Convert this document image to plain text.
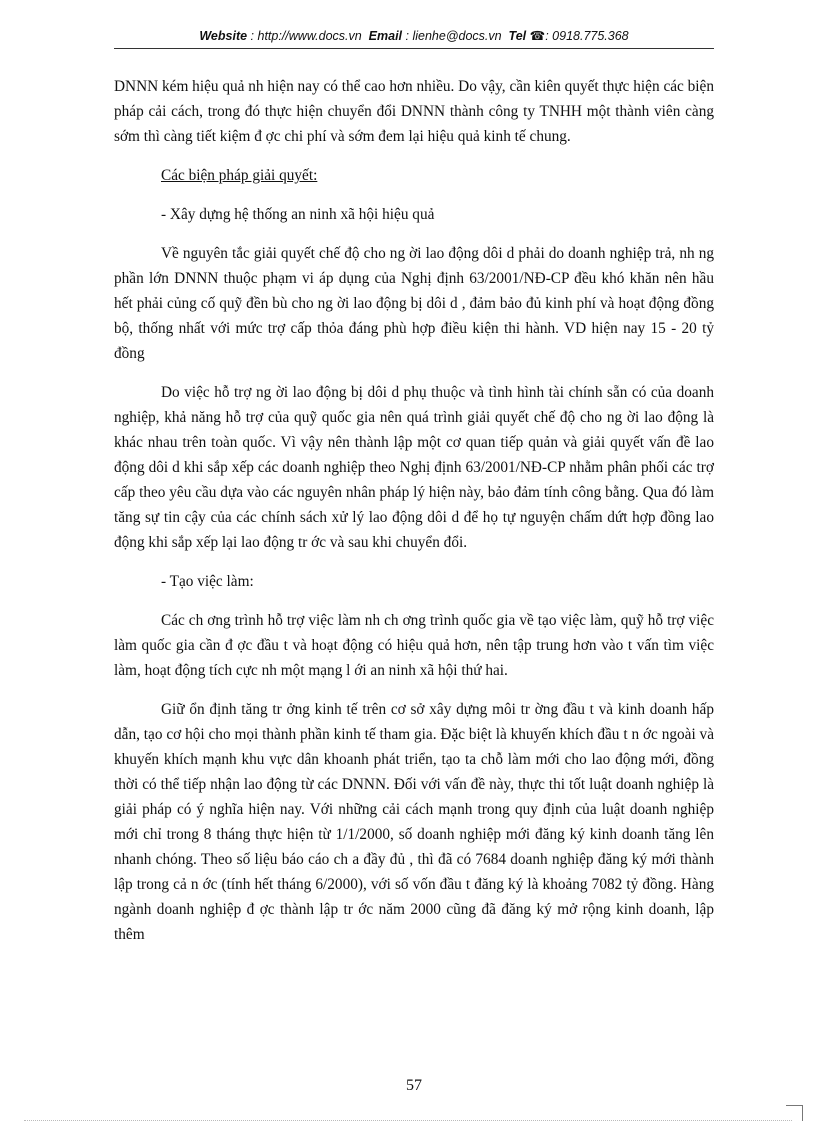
Website : http://www.docs.vn Email : lienhe@docs.vn Tel ☎: 0918.775.368

DNNN kém hiệu quả nh hiện nay có thể cao hơn nhiều. Do vậy, cần kiên quyết thực hiện các biện pháp cải cách, trong đó thực hiện chuyển đổi DNNN thành công ty TNHH một thành viên càng sớm thì càng tiết kiệm đ ợc chi phí và sớm đem lại hiệu quả kinh tế chung.

Các biện pháp giải quyết:

- Xây dựng hệ thống an ninh xã hội hiệu quả

Về nguyên tắc giải quyết chế độ cho ng ời lao động dôi d phải do doanh nghiệp trả, nh ng phần lớn DNNN thuộc phạm vi áp dụng của Nghị định 63/2001/NĐ-CP đều khó khăn nên hầu hết phải củng cố quỹ đền bù cho ng ời lao động bị dôi d , đảm bảo đủ kinh phí và hoạt động đồng bộ, thống nhất với mức trợ cấp thỏa đáng phù hợp điều kiện thi hành. VD hiện nay 15 - 20 tỷ đồng

Do việc hỗ trợ ng ời lao động bị dôi d phụ thuộc và tình hình tài chính sẵn có của doanh nghiệp, khả năng hỗ trợ của quỹ quốc gia nên quá trình giải quyết chế độ cho ng ời lao động là khác nhau trên toàn quốc. Vì vậy nên thành lập một cơ quan tiếp quản và giải quyết vấn đề lao động dôi d khi sắp xếp các doanh nghiệp theo Nghị định 63/2001/NĐ-CP nhằm phân phối các trợ cấp theo yêu cầu dựa vào các nguyên nhân pháp lý hiện này, bảo đảm tính công bằng. Qua đó làm tăng sự tin cậy của các chính sách xử lý lao động dôi d để họ tự nguyện chấm dứt hợp đồng lao động khi sắp xếp lại lao động tr ớc và sau khi chuyển đổi.

- Tạo việc làm:

Các ch ơng trình hỗ trợ việc làm nh ch ơng trình quốc gia về tạo việc làm, quỹ hỗ trợ việc làm quốc gia cần đ ợc đầu t và hoạt động có hiệu quả hơn, nên tập trung hơn vào t vấn tìm việc làm, hoạt động tích cực nh một mạng l ới an ninh xã hội thứ hai.

Giữ ổn định tăng tr ởng kinh tế trên cơ sở xây dựng môi tr ờng đầu t và kinh doanh hấp dẫn, tạo cơ hội cho mọi thành phần kinh tế tham gia. Đặc biệt là khuyến khích đầu t n ớc ngoài và khuyến khích mạnh khu vực dân khoanh phát triển, tạo ta chỗ làm mới cho lao động mới, đồng thời có thể tiếp nhận lao động từ các DNNN. Đối với vấn đề này, thực thi tốt luật doanh nghiệp là giải pháp có ý nghĩa hiện nay. Với những cải cách mạnh trong quy định của luật doanh nghiệp mới chỉ trong 8 tháng thực hiện từ 1/1/2000, số doanh nghiệp mới đăng ký kinh doanh tăng lên nhanh chóng. Theo số liệu báo cáo ch a đầy đủ , thì đã có 7684 doanh nghiệp đăng ký mới thành lập trong cả n ớc (tính hết tháng 6/2000), với số vốn đầu t đăng ký là khoảng 7082 tỷ đồng. Hàng ngành doanh nghiệp đ ợc thành lập tr ớc năm 2000 cũng đã đăng ký mở rộng kinh doanh, lập thêm

57
